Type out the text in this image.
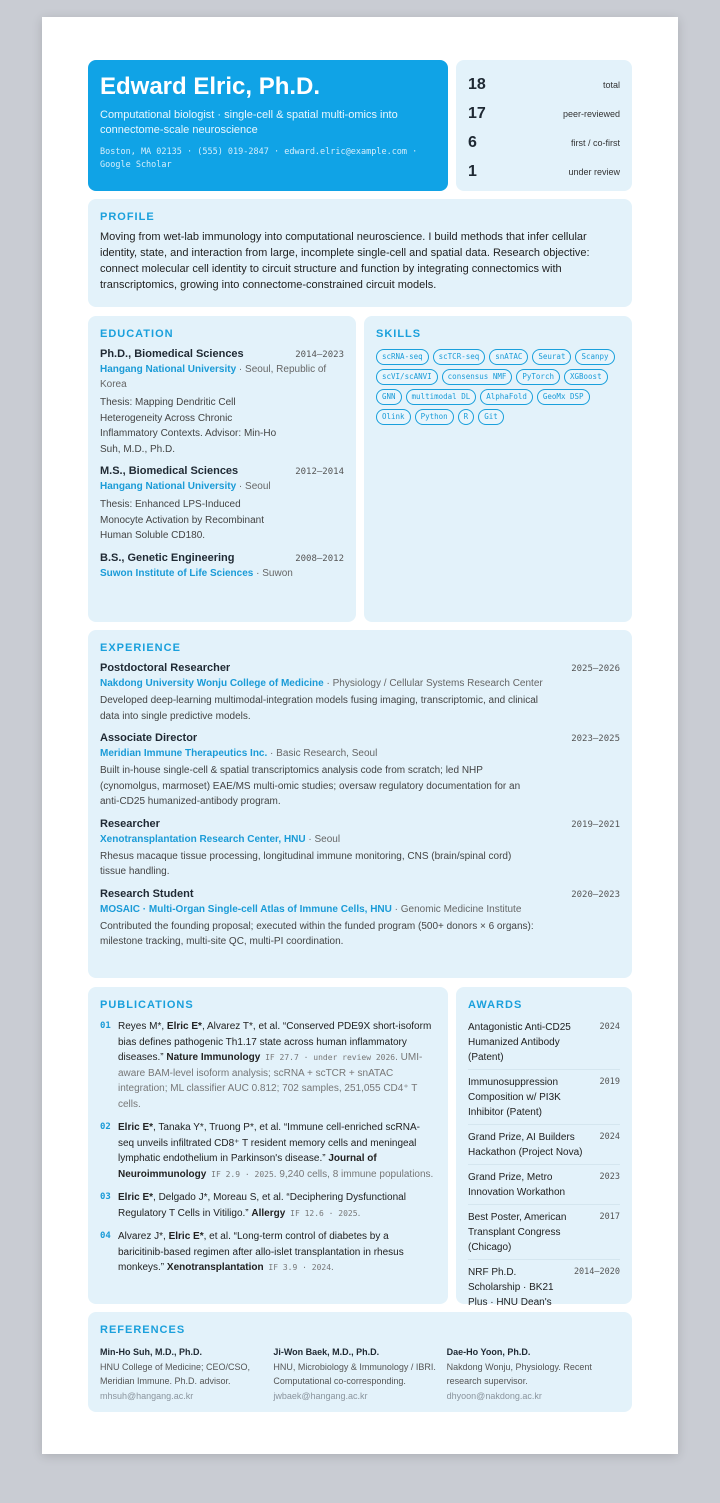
Edward Elric, Ph.D.
Computational biologist · single-cell & spatial multi-omics into connectome-scale neuroscience
Boston, MA 02135 · (555) 019-2847 · edward.elric@example.com · Google Scholar
18	total
17	peer-reviewed
6	first / co-first
1	under review
PROFILE

Moving from wet-lab immunology into computational neuroscience. I build methods that infer cellular identity, state, and interaction from large, incomplete single-cell and spatial data. Research objective: connect molecular cell identity to circuit structure and function by integrating connectomics with transcriptomics, growing into connectome-constrained circuit models.

EDUCATION
Ph.D., Biomedical Sciences	2014–2023
Hangang National University · Seoul, Republic of Korea
Thesis: Mapping Dendritic Cell Heterogeneity Across Chronic Inflammatory Contexts. Advisor: Min-Ho Suh, M.D., Ph.D.
M.S., Biomedical Sciences	2012–2014
Hangang National University · Seoul
Thesis: Enhanced LPS-Induced Monocyte Activation by Recombinant Human Soluble CD180.
B.S., Genetic Engineering	2008–2012
Suwon Institute of Life Sciences · Suwon
SKILLS
scRNA-seq	scTCR-seq	snATAC	Seurat	Scanpy
scVI/scANVI	consensus NMF	PyTorch	XGBoost
GNN	multimodal DL	AlphaFold	GeoMx DSP
Olink	Python	R	Git
EXPERIENCE
Postdoctoral Researcher	2025–2026
Nakdong University Wonju College of Medicine · Physiology / Cellular Systems Research Center
Developed deep-learning multimodal-integration models fusing imaging, transcriptomic, and clinical data into single predictive models.
Associate Director	2023–2025
Meridian Immune Therapeutics Inc. · Basic Research, Seoul
Built in-house single-cell & spatial transcriptomics analysis code from scratch; led NHP (cynomolgus, marmoset) EAE/MS multi-omic studies; oversaw regulatory documentation for an anti-CD25 humanized-antibody program.
Researcher	2019–2021
Xenotransplantation Research Center, HNU · Seoul
Rhesus macaque tissue processing, longitudinal immune monitoring, CNS (brain/spinal cord) tissue handling.
Research Student	2020–2023
MOSAIC · Multi-Organ Single-cell Atlas of Immune Cells, HNU · Genomic Medicine Institute
Contributed the founding proposal; executed within the funded program (500+ donors × 6 organs): milestone tracking, multi-site QC, multi-PI coordination.
PUBLICATIONS
01 Reyes M*, Elric E*, Alvarez T*, et al. “Conserved PDE9X short-isoform bias defines pathogenic Th1.17 state across human inflammatory diseases.” Nature Immunology IF 27.7 · under review 2026. UMI-aware BAM-level isoform analysis; scRNA + scTCR + snATAC integration; ML classifier AUC 0.812; 702 samples, 251,055 CD4⁺ T cells.
02 Elric E*, Tanaka Y*, Truong P*, et al. “Immune cell-enriched scRNA-seq unveils infiltrated CD8⁺ T resident memory cells and meningeal lymphatic endothelium in Parkinson's disease.” Journal of Neuroimmunology IF 2.9 · 2025. 9,240 cells, 8 immune populations.
03 Elric E*, Delgado J*, Moreau S, et al. “Deciphering Dysfunctional Regulatory T Cells in Vitiligo.” Allergy IF 12.6 · 2025.
04 Alvarez J*, Elric E*, et al. “Long-term control of diabetes by a baricitinib-based regimen after allo-islet transplantation in rhesus monkeys.” Xenotransplantation IF 3.9 · 2024.
AWARDS
Antagonistic Anti-CD25 Humanized Antibody (Patent)
2024
Immunosuppression Composition w/ PI3K Inhibitor (Patent)
2019
Grand Prize, AI Builders Hackathon (Project Nova)
2024
Grand Prize, Metro Innovation Workathon
2023
Best Poster, American Transplant Congress (Chicago)
2017
NRF Ph.D. Scholarship · BK21 Plus · HNU Dean's
2014–2020
REFERENCES
Min-Ho Suh, M.D., Ph.D.
HNU College of Medicine; CEO/CSO, Meridian Immune. Ph.D. advisor.
mhsuh@hangang.ac.kr
Ji-Won Baek, M.D., Ph.D.
HNU, Microbiology & Immunology / IBRI. Computational co-corresponding.
jwbaek@hangang.ac.kr
Dae-Ho Yoon, Ph.D.
Nakdong Wonju, Physiology. Recent research supervisor.
dhyoon@nakdong.ac.kr
